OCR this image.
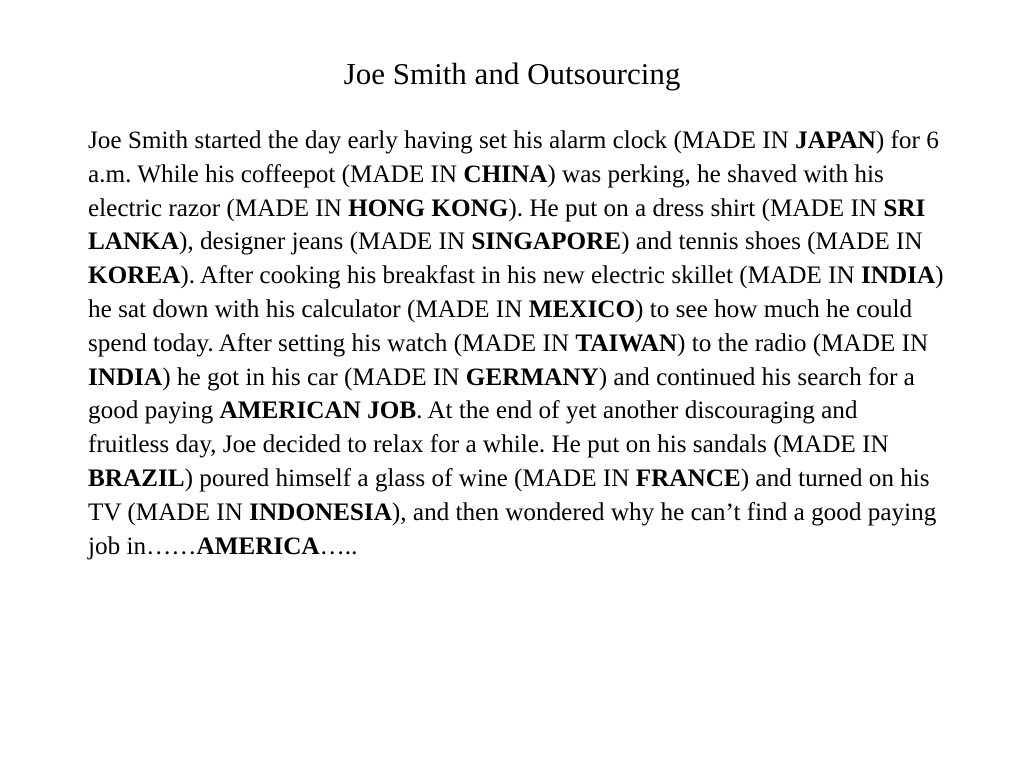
Joe Smith and Outsourcing

Joe Smith started the day early having set his alarm clock (MADE IN JAPAN) for 6 a.m. While his coffeepot (MADE IN CHINA) was perking, he shaved with his electric razor (MADE IN HONG KONG). He put on a dress shirt (MADE IN SRI LANKA), designer jeans (MADE IN SINGAPORE) and tennis shoes (MADE IN KOREA). After cooking his breakfast in his new electric skillet (MADE IN INDIA) he sat down with his calculator (MADE IN MEXICO) to see how much he could spend today. After setting his watch (MADE IN TAIWAN) to the radio (MADE IN INDIA) he got in his car (MADE IN GERMANY) and continued his search for a good paying AMERICAN JOB. At the end of yet another discouraging and fruitless day, Joe decided to relax for a while. He put on his sandals (MADE IN BRAZIL) poured himself a glass of wine (MADE IN FRANCE) and turned on his TV (MADE IN INDONESIA), and then wondered why he can’t find a good paying job in……AMERICA…..
